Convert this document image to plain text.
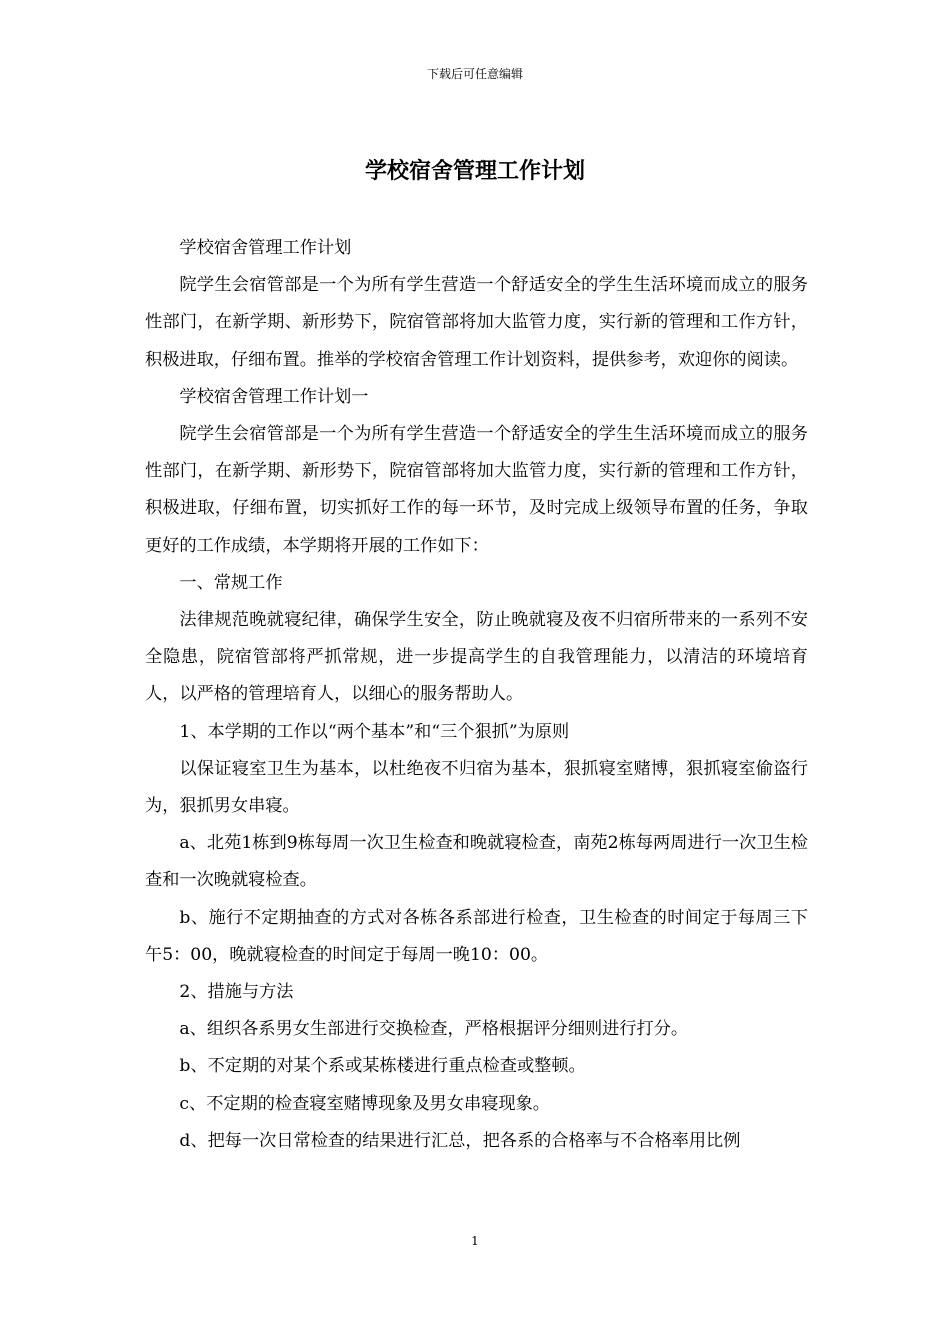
下载后可任意编辑
学校宿舍管理工作计划

学校宿舍管理工作计划

院学生会宿管部是一个为所有学生营造一个舒适安全的学生生活环境而成立的服务性部门，在新学期、新形势下，院宿管部将加大监管力度，实行新的管理和工作方针，积极进取，仔细布置。推举的学校宿舍管理工作计划资料，提供参考，欢迎你的阅读。

学校宿舍管理工作计划一

院学生会宿管部是一个为所有学生营造一个舒适安全的学生生活环境而成立的服务性部门，在新学期、新形势下，院宿管部将加大监管力度，实行新的管理和工作方针，积极进取，仔细布置，切实抓好工作的每一环节，及时完成上级领导布置的任务，争取更好的工作成绩，本学期将开展的工作如下：

一、常规工作

法律规范晚就寝纪律，确保学生安全，防止晚就寝及夜不归宿所带来的一系列不安全隐患，院宿管部将严抓常规，进一步提高学生的自我管理能力，以清洁的环境培育人，以严格的管理培育人，以细心的服务帮助人。

1、本学期的工作以“两个基本”和“三个狠抓”为原则

以保证寝室卫生为基本，以杜绝夜不归宿为基本，狠抓寝室赌博，狠抓寝室偷盗行为，狠抓男女串寝。

a、北苑1栋到9栋每周一次卫生检查和晚就寝检查，南苑2栋每两周进行一次卫生检查和一次晚就寝检查。

b、施行不定期抽查的方式对各栋各系部进行检查，卫生检查的时间定于每周三下午5：00，晚就寝检查的时间定于每周一晚10：00。

2、措施与方法

a、组织各系男女生部进行交换检查，严格根据评分细则进行打分。

b、不定期的对某个系或某栋楼进行重点检查或整顿。

c、不定期的检查寝室赌博现象及男女串寝现象。

d、把每一次日常检查的结果进行汇总，把各系的合格率与不合格率用比例

1
